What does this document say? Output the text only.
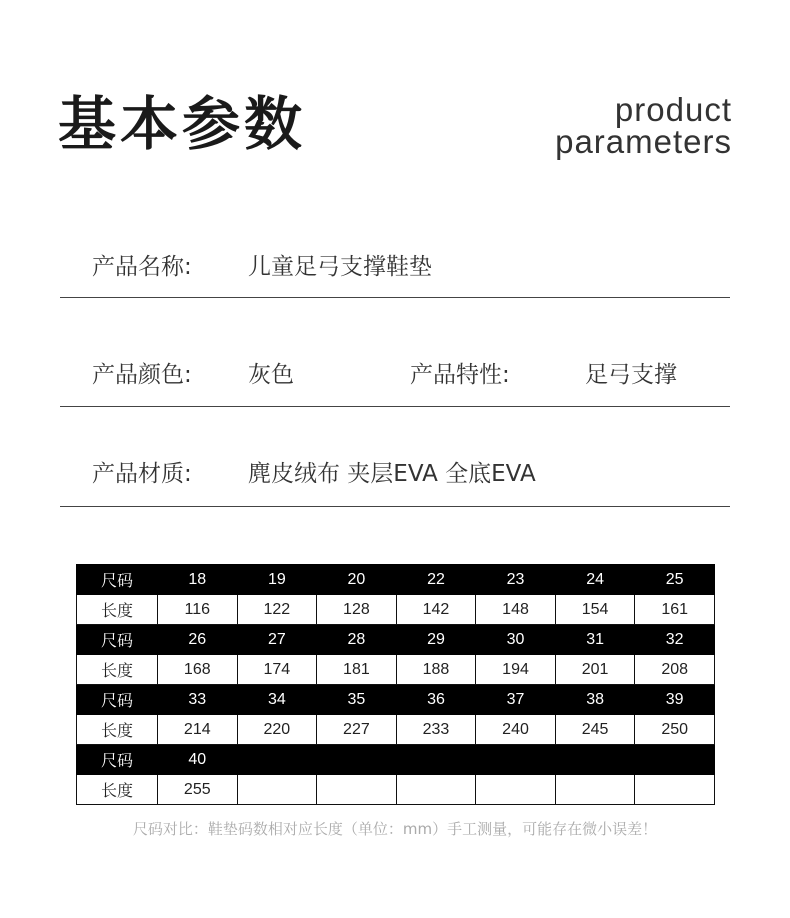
基本参数	product
parameters
产品名称: 儿童足弓支撑鞋垫
产品颜色: 灰色	产品特性:	足弓支撑
产品材质: 麂皮绒布 夹层EVA 全底EVA
尺码	18	19	20	22	23	24	25
长度	116	122	128	142	148	154	161
尺码	26	27	28	29	30	31	32
长度	168	174	181	188	194	201	208
尺码	33	34	35	36	37	38	39
长度	214	220	227	233	240	245	250
尺码	40						
长度	255						
尺码对比：鞋垫码数相对应长度（单位：mm）手工测量，可能存在微小误差！
